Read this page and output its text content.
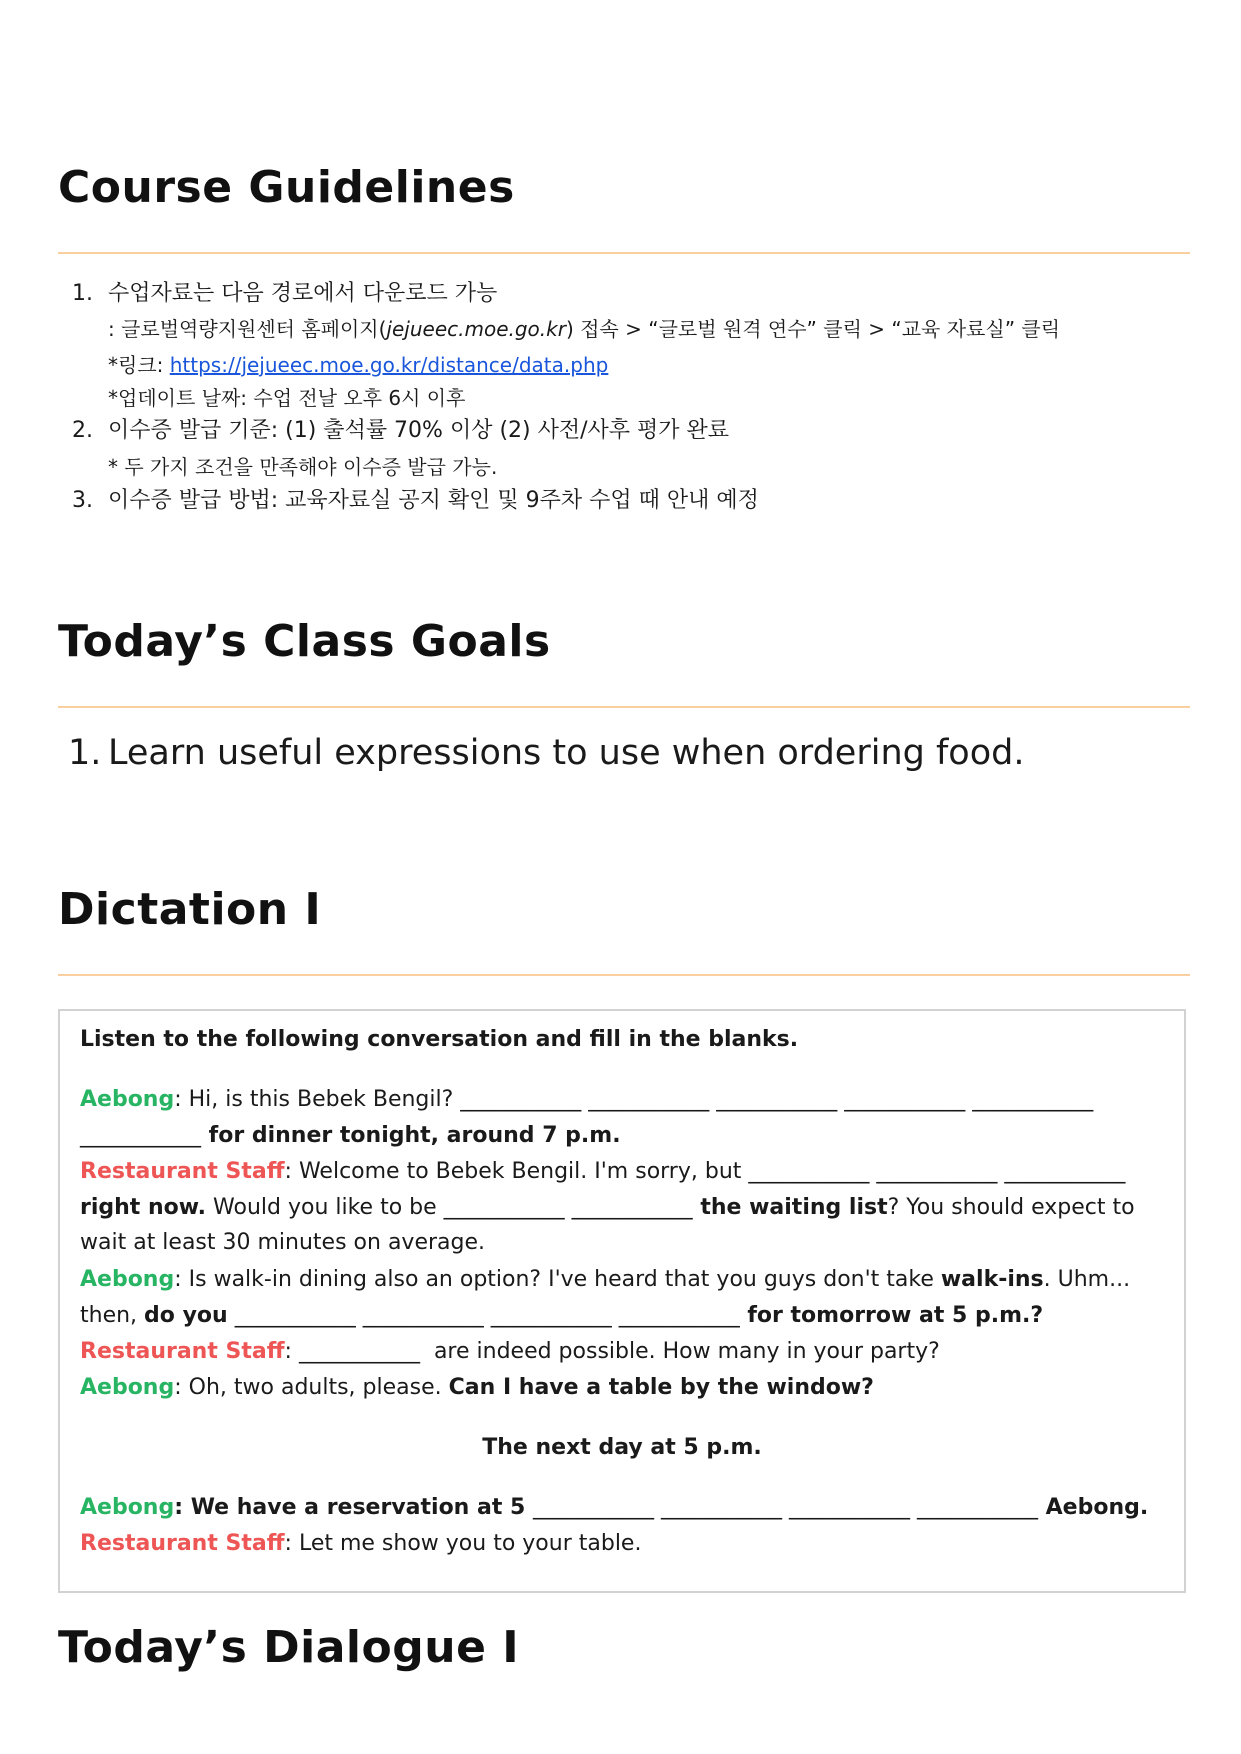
Course Guidelines
1. 수업자료는 다음 경로에서 다운로드 가능
: 글로벌역량지원센터 홈페이지(jejueec.moe.go.kr) 접속 > “글로벌 원격 연수” 클릭 > “교육 자료실” 클릭
*링크: https://jejueec.moe.go.kr/distance/data.php
*업데이트 날짜: 수업 전날 오후 6시 이후
2. 이수증 발급 기준: (1) 출석률 70% 이상 (2) 사전/사후 평가 완료
* 두 가지 조건을 만족해야 이수증 발급 가능.
3. 이수증 발급 방법: 교육자료실 공지 확인 및 9주차 수업 때 안내 예정
Today’s Class Goals
1. Learn useful expressions to use when ordering food.
Dictation I
Listen to the following conversation and fill in the blanks.
Aebong: Hi, is this Bebek Bengil? ___________ ___________ ___________ ___________ ___________
___________ for dinner tonight, around 7 p.m.
Restaurant Staff: Welcome to Bebek Bengil. I'm sorry, but ___________ ___________ ___________
right now. Would you like to be ___________ ___________ the waiting list? You should expect to
wait at least 30 minutes on average.
Aebong: Is walk-in dining also an option? I've heard that you guys don't take walk-ins. Uhm...
then, do you ___________ ___________ ___________ ___________ for tomorrow at 5 p.m.?
Restaurant Staff: ___________  are indeed possible. How many in your party?
Aebong: Oh, two adults, please. Can I have a table by the window?
The next day at 5 p.m.
Aebong: We have a reservation at 5 ___________ ___________ ___________ ___________ Aebong.
Restaurant Staff: Let me show you to your table.
Today’s Dialogue I
